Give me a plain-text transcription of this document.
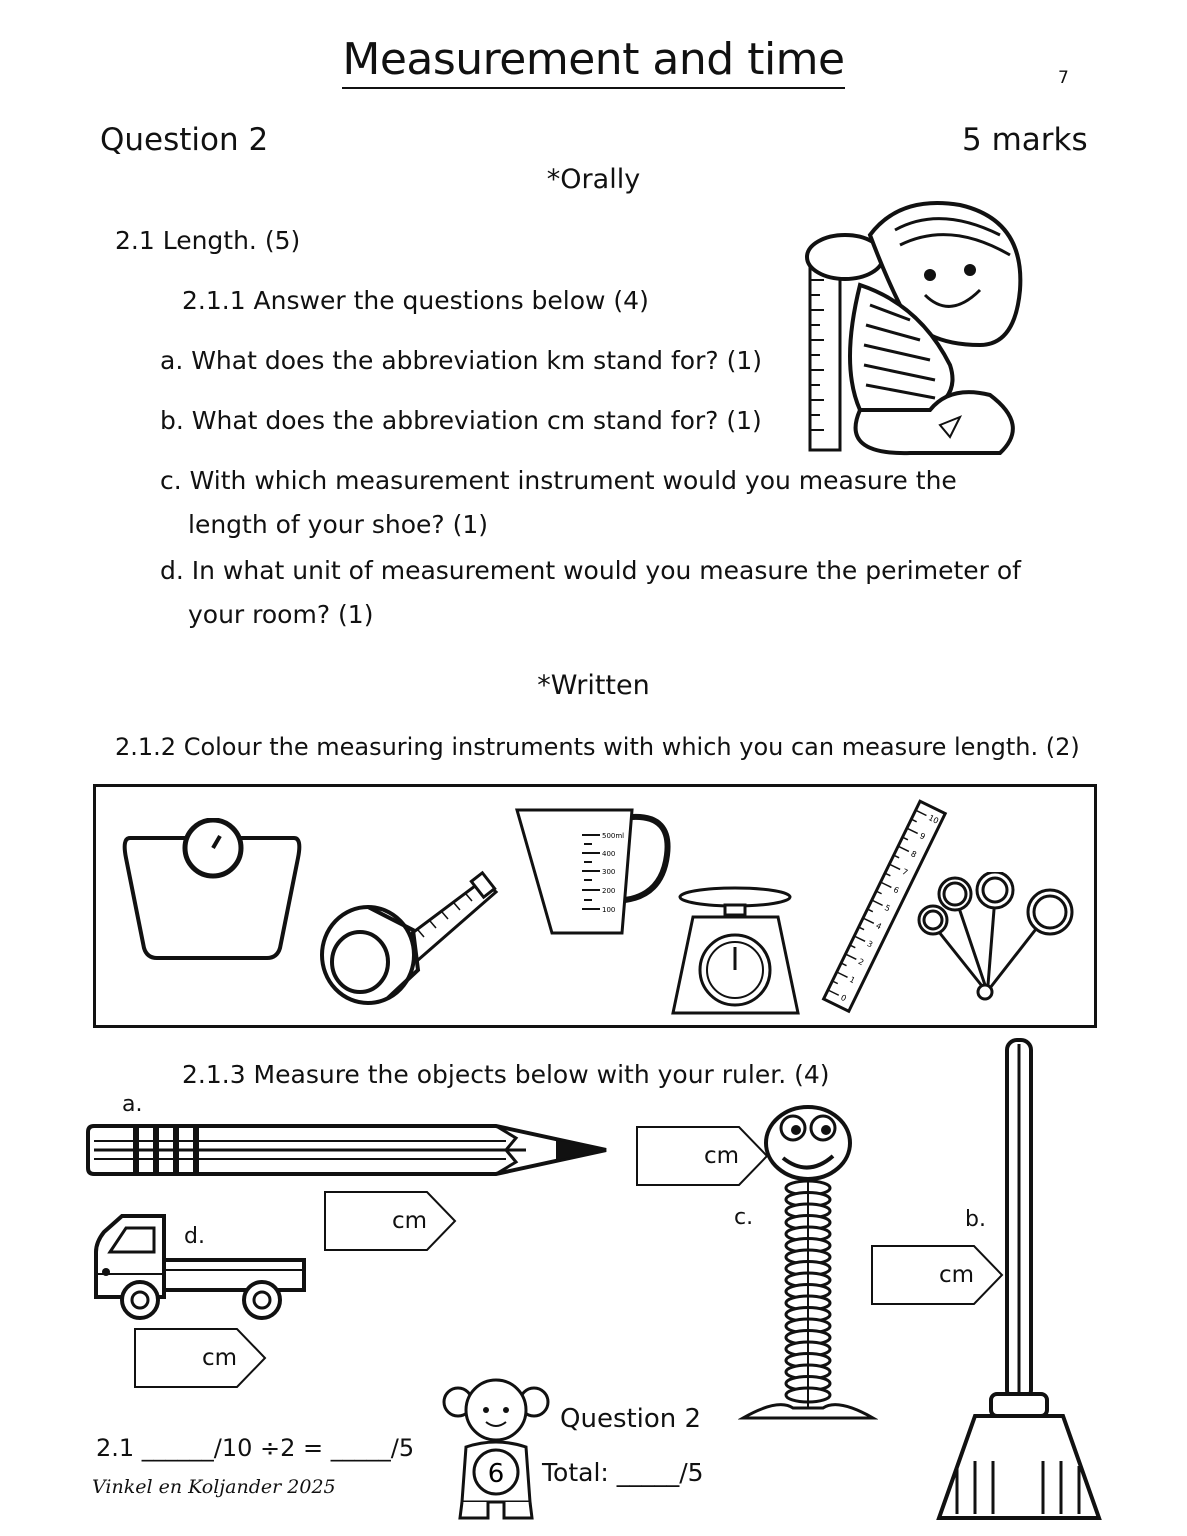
Measurement and time	7
Question 2	5 marks
*Orally
2.1 Length. (5)
2.1.1 Answer the questions below (4)
a. What does the abbreviation km stand for? (1)
b. What does the abbreviation cm stand for? (1)
c. With which measurement instrument would you measure the
length of your shoe? (1)
d. In what unit of measurement would you measure the perimeter of
your room? (1)
*Written
2.1.2 Colour the measuring instruments with which you can measure length. (2)
500ml
400
300
200
100
0
1
2
3
4
5
6
7
8
9
10
2.1.3 Measure the objects below with your ruler. (4)
a.
cm
cm
cm
cm
d.
c.	b.
2.1 ______/10 ÷2 = _____/5
Vinkel en Koljander 2025	6
Question 2
Total: _____/5
